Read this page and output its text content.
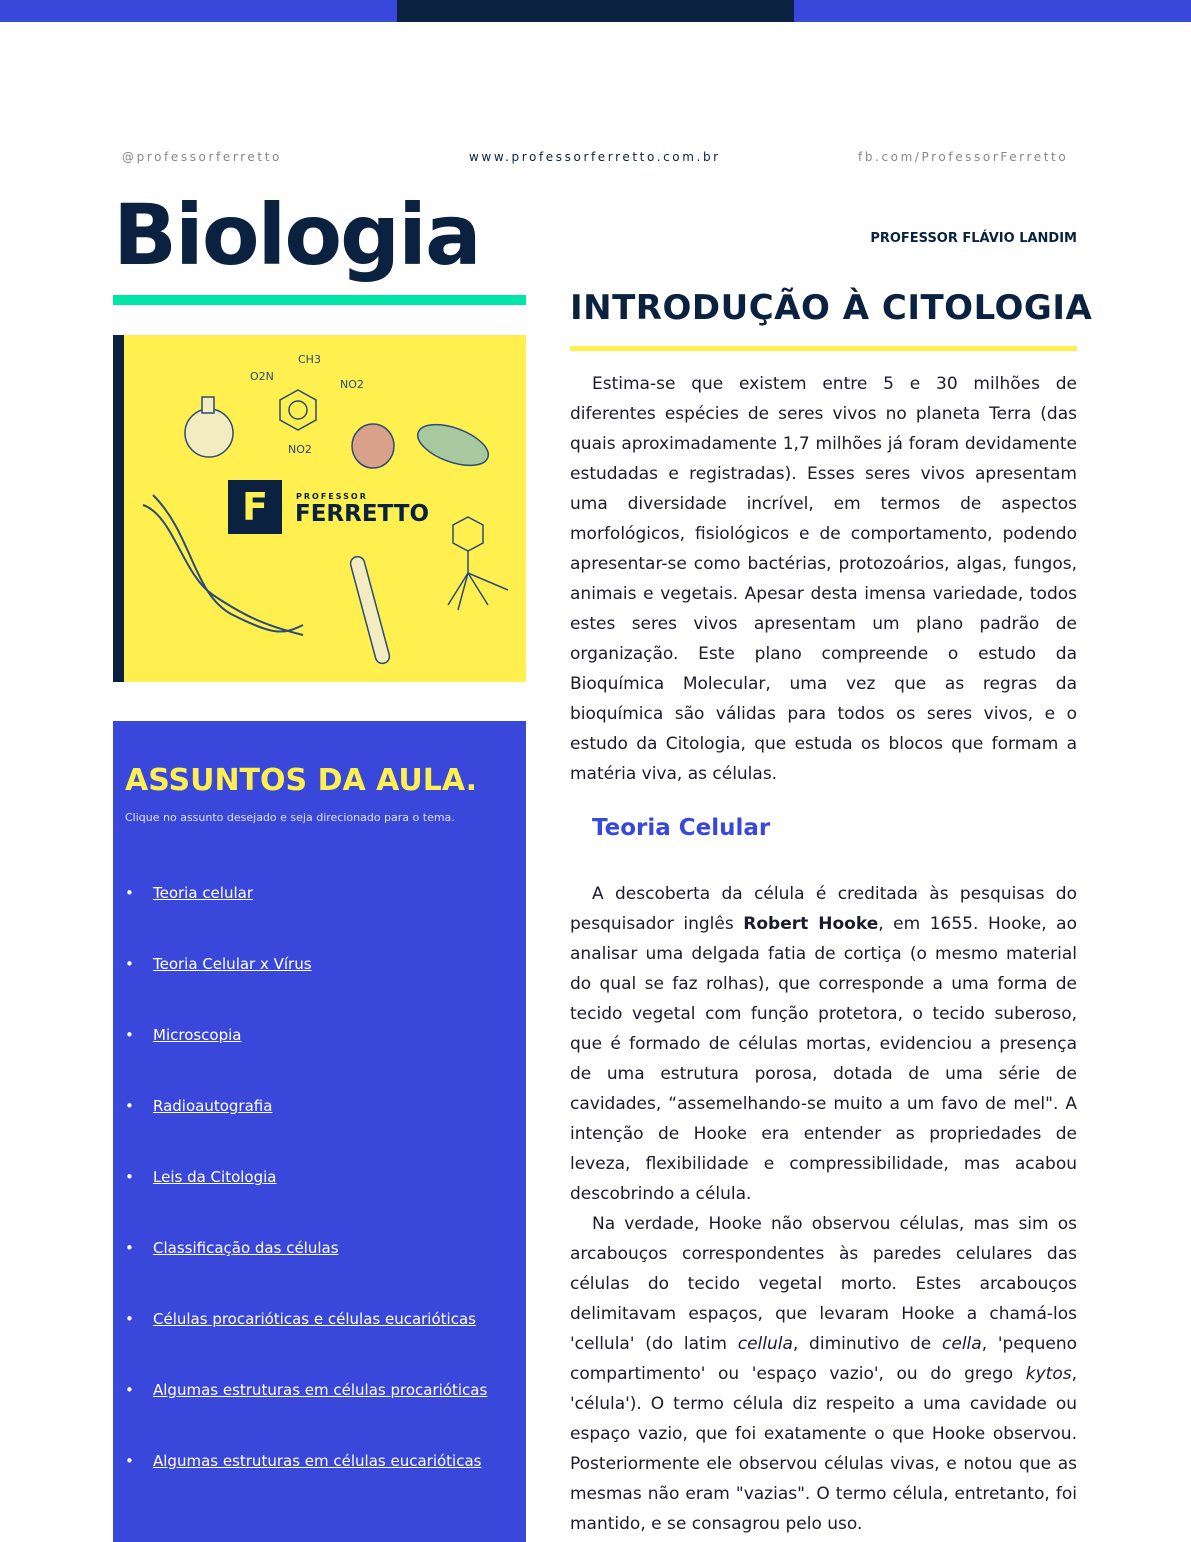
@professorferretto	www.professorferretto.com.br	fb.com/ProfessorFerretto
Biologia	PROFESSOR FLÁVIO LANDIM
INTRODUÇÃO À CITOLOGIA
CH3
O2N
NO2
NO2
F	PROFESSOR
FERRETTO
ASSUNTOS DA AULA.
Clique no assunto desejado e seja direcionado para o tema.
•	Teoria celular
•	Teoria Celular x Vírus
•	Microscopia
•	Radioautografia
•	Leis da Citologia
•	Classificação das células
•	Células procarióticas e células eucarióticas
•	Algumas estruturas em células procarióticas
•	Algumas estruturas em células eucarióticas

Estima-se que existem entre 5 e 30 milhões de diferentes espécies de seres vivos no planeta Terra (das quais aproximadamente 1,7 milhões já foram devidamente estudadas e registradas). Esses seres vivos apresentam uma diversidade incrível, em termos de aspectos morfológicos, fisiológicos e de comportamento, podendo apresentar-se como bactérias, protozoários, algas, fungos, animais e vegetais. Apesar desta imensa variedade, todos estes seres vivos apresentam um plano padrão de organização. Este plano compreende o estudo da Bioquímica Molecular, uma vez que as regras da bioquímica são válidas para todos os seres vivos, e o estudo da Citologia, que estuda os blocos que formam a matéria viva, as células.

Teoria Celular

A descoberta da célula é creditada às pesquisas do pesquisador inglês Robert Hooke, em 1655. Hooke, ao analisar uma delgada fatia de cortiça (o mesmo material do qual se faz rolhas), que corresponde a uma forma de tecido vegetal com função protetora, o tecido suberoso, que é formado de células mortas, evidenciou a presença de uma estrutura porosa, dotada de uma série de cavidades, “assemelhando-se muito a um favo de mel". A intenção de Hooke era entender as propriedades de leveza, flexibilidade e compressibilidade, mas acabou descobrindo a célula.

Na verdade, Hooke não observou células, mas sim os arcabouços correspondentes às paredes celulares das células do tecido vegetal morto. Estes arcabouços delimitavam espaços, que levaram Hooke a chamá-los 'cellula' (do latim cellula, diminutivo de cella, 'pequeno compartimento' ou 'espaço vazio', ou do grego kytos, 'célula'). O termo célula diz respeito a uma cavidade ou espaço vazio, que foi exatamente o que Hooke observou. Posteriormente ele observou células vivas, e notou que as mesmas não eram "vazias". O termo célula, entretanto, foi mantido, e se consagrou pelo uso.
